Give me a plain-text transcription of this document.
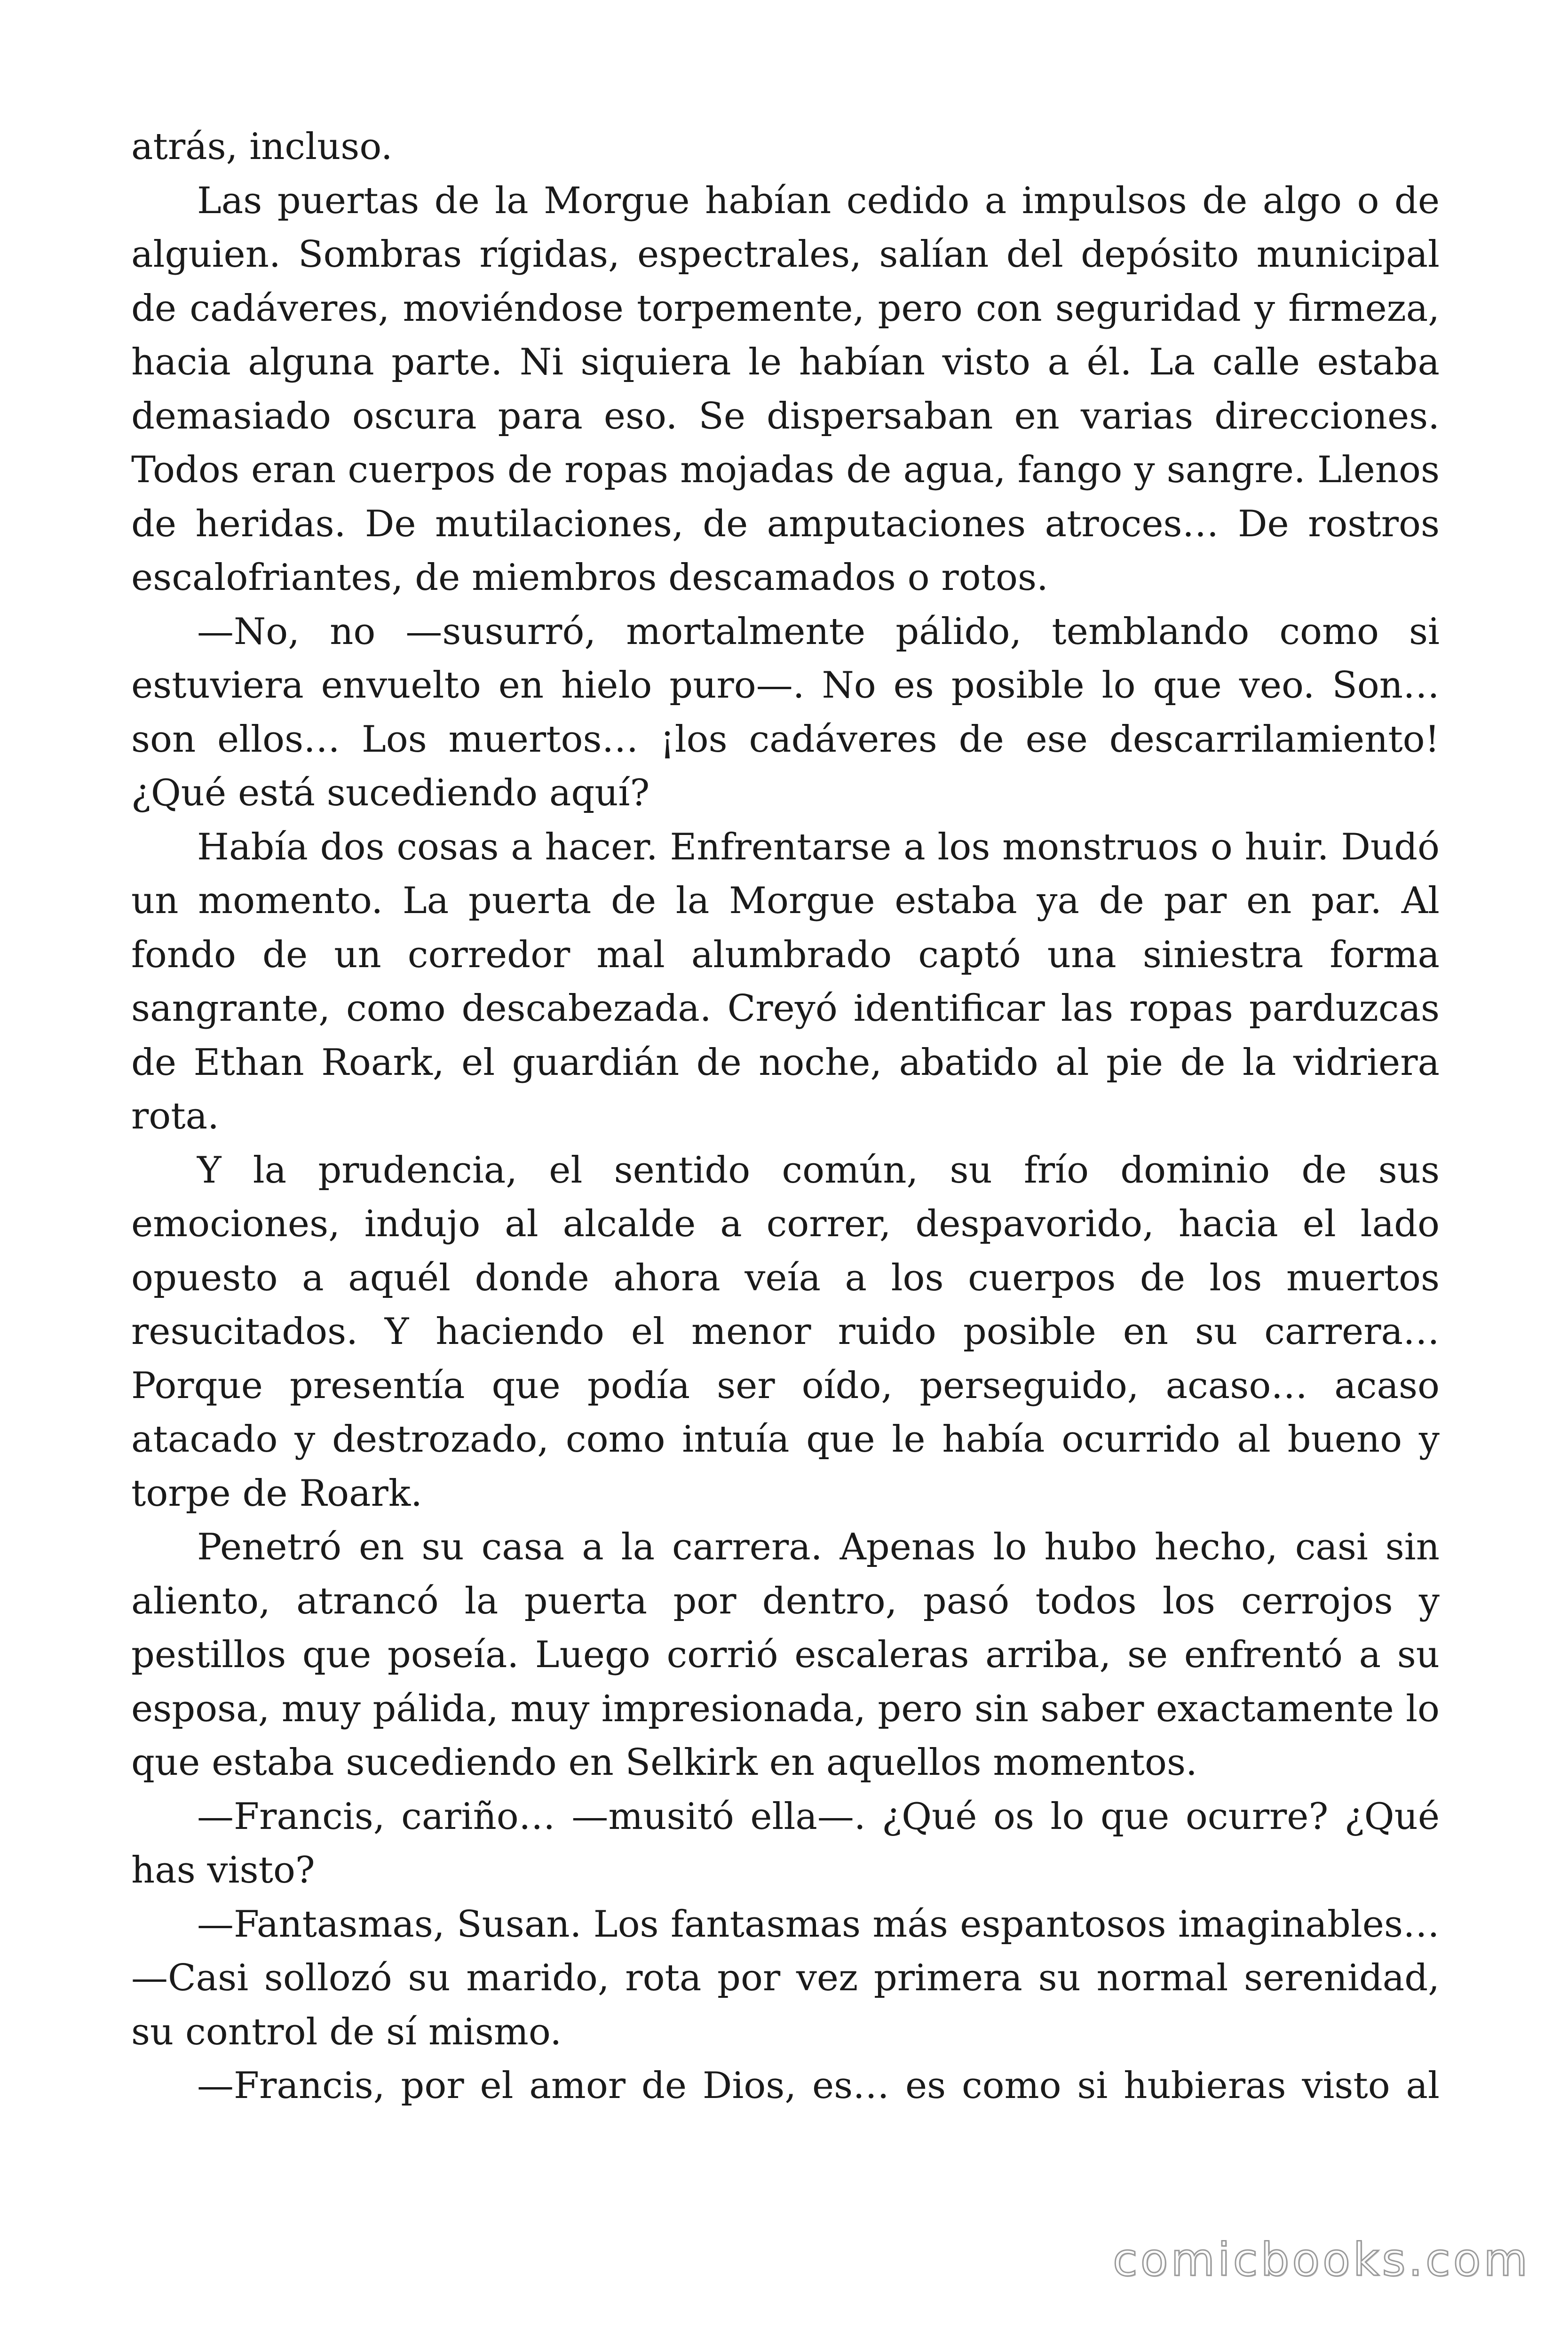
atrás, incluso.

Las puertas de la Morgue habían cedido a impulsos de algo o de alguien. Sombras rígidas, espectrales, salían del depósito municipal de cadáveres, moviéndose torpemente, pero con seguridad y firmeza, hacia alguna parte. Ni siquiera le habían visto a él. La calle estaba demasiado oscura para eso. Se dispersaban en varias direcciones. Todos eran cuerpos de ropas mojadas de agua, fango y sangre. Llenos de heridas. De mutilaciones, de amputaciones atroces… De rostros escalofriantes, de miembros descamados o rotos.

—No, no —susurró, mortalmente pálido, temblando como si estuviera envuelto en hielo puro—. No es posible lo que veo. Son… son ellos… Los muertos… ¡los cadáveres de ese descarrilamiento! ¿Qué está sucediendo aquí?

Había dos cosas a hacer. Enfrentarse a los monstruos o huir. Dudó un momento. La puerta de la Morgue estaba ya de par en par. Al fondo de un corredor mal alumbrado captó una siniestra forma sangrante, como descabezada. Creyó identificar las ropas parduzcas de Ethan Roark, el guardián de noche, abatido al pie de la vidriera rota.

Y la prudencia, el sentido común, su frío dominio de sus emociones, indujo al alcalde a correr, despavorido, hacia el lado opuesto a aquél donde ahora veía a los cuerpos de los muertos resucitados. Y haciendo el menor ruido posible en su carrera… Porque presentía que podía ser oído, perseguido, acaso… acaso atacado y destrozado, como intuía que le había ocurrido al bueno y torpe de Roark.

Penetró en su casa a la carrera. Apenas lo hubo hecho, casi sin aliento, atrancó la puerta por dentro, pasó todos los cerrojos y pestillos que poseía. Luego corrió escaleras arriba, se enfrentó a su esposa, muy pálida, muy impresionada, pero sin saber exactamente lo que estaba sucediendo en Selkirk en aquellos momentos.

—Francis, cariño… —musitó ella—. ¿Qué os lo que ocurre? ¿Qué has visto?

—Fantasmas, Susan. Los fantasmas más espantosos imaginables… —Casi sollozó su marido, rota por vez primera su normal serenidad, su control de sí mismo.

—Francis, por el amor de Dios, es… es como si hubieras visto al

comicbooks.com
